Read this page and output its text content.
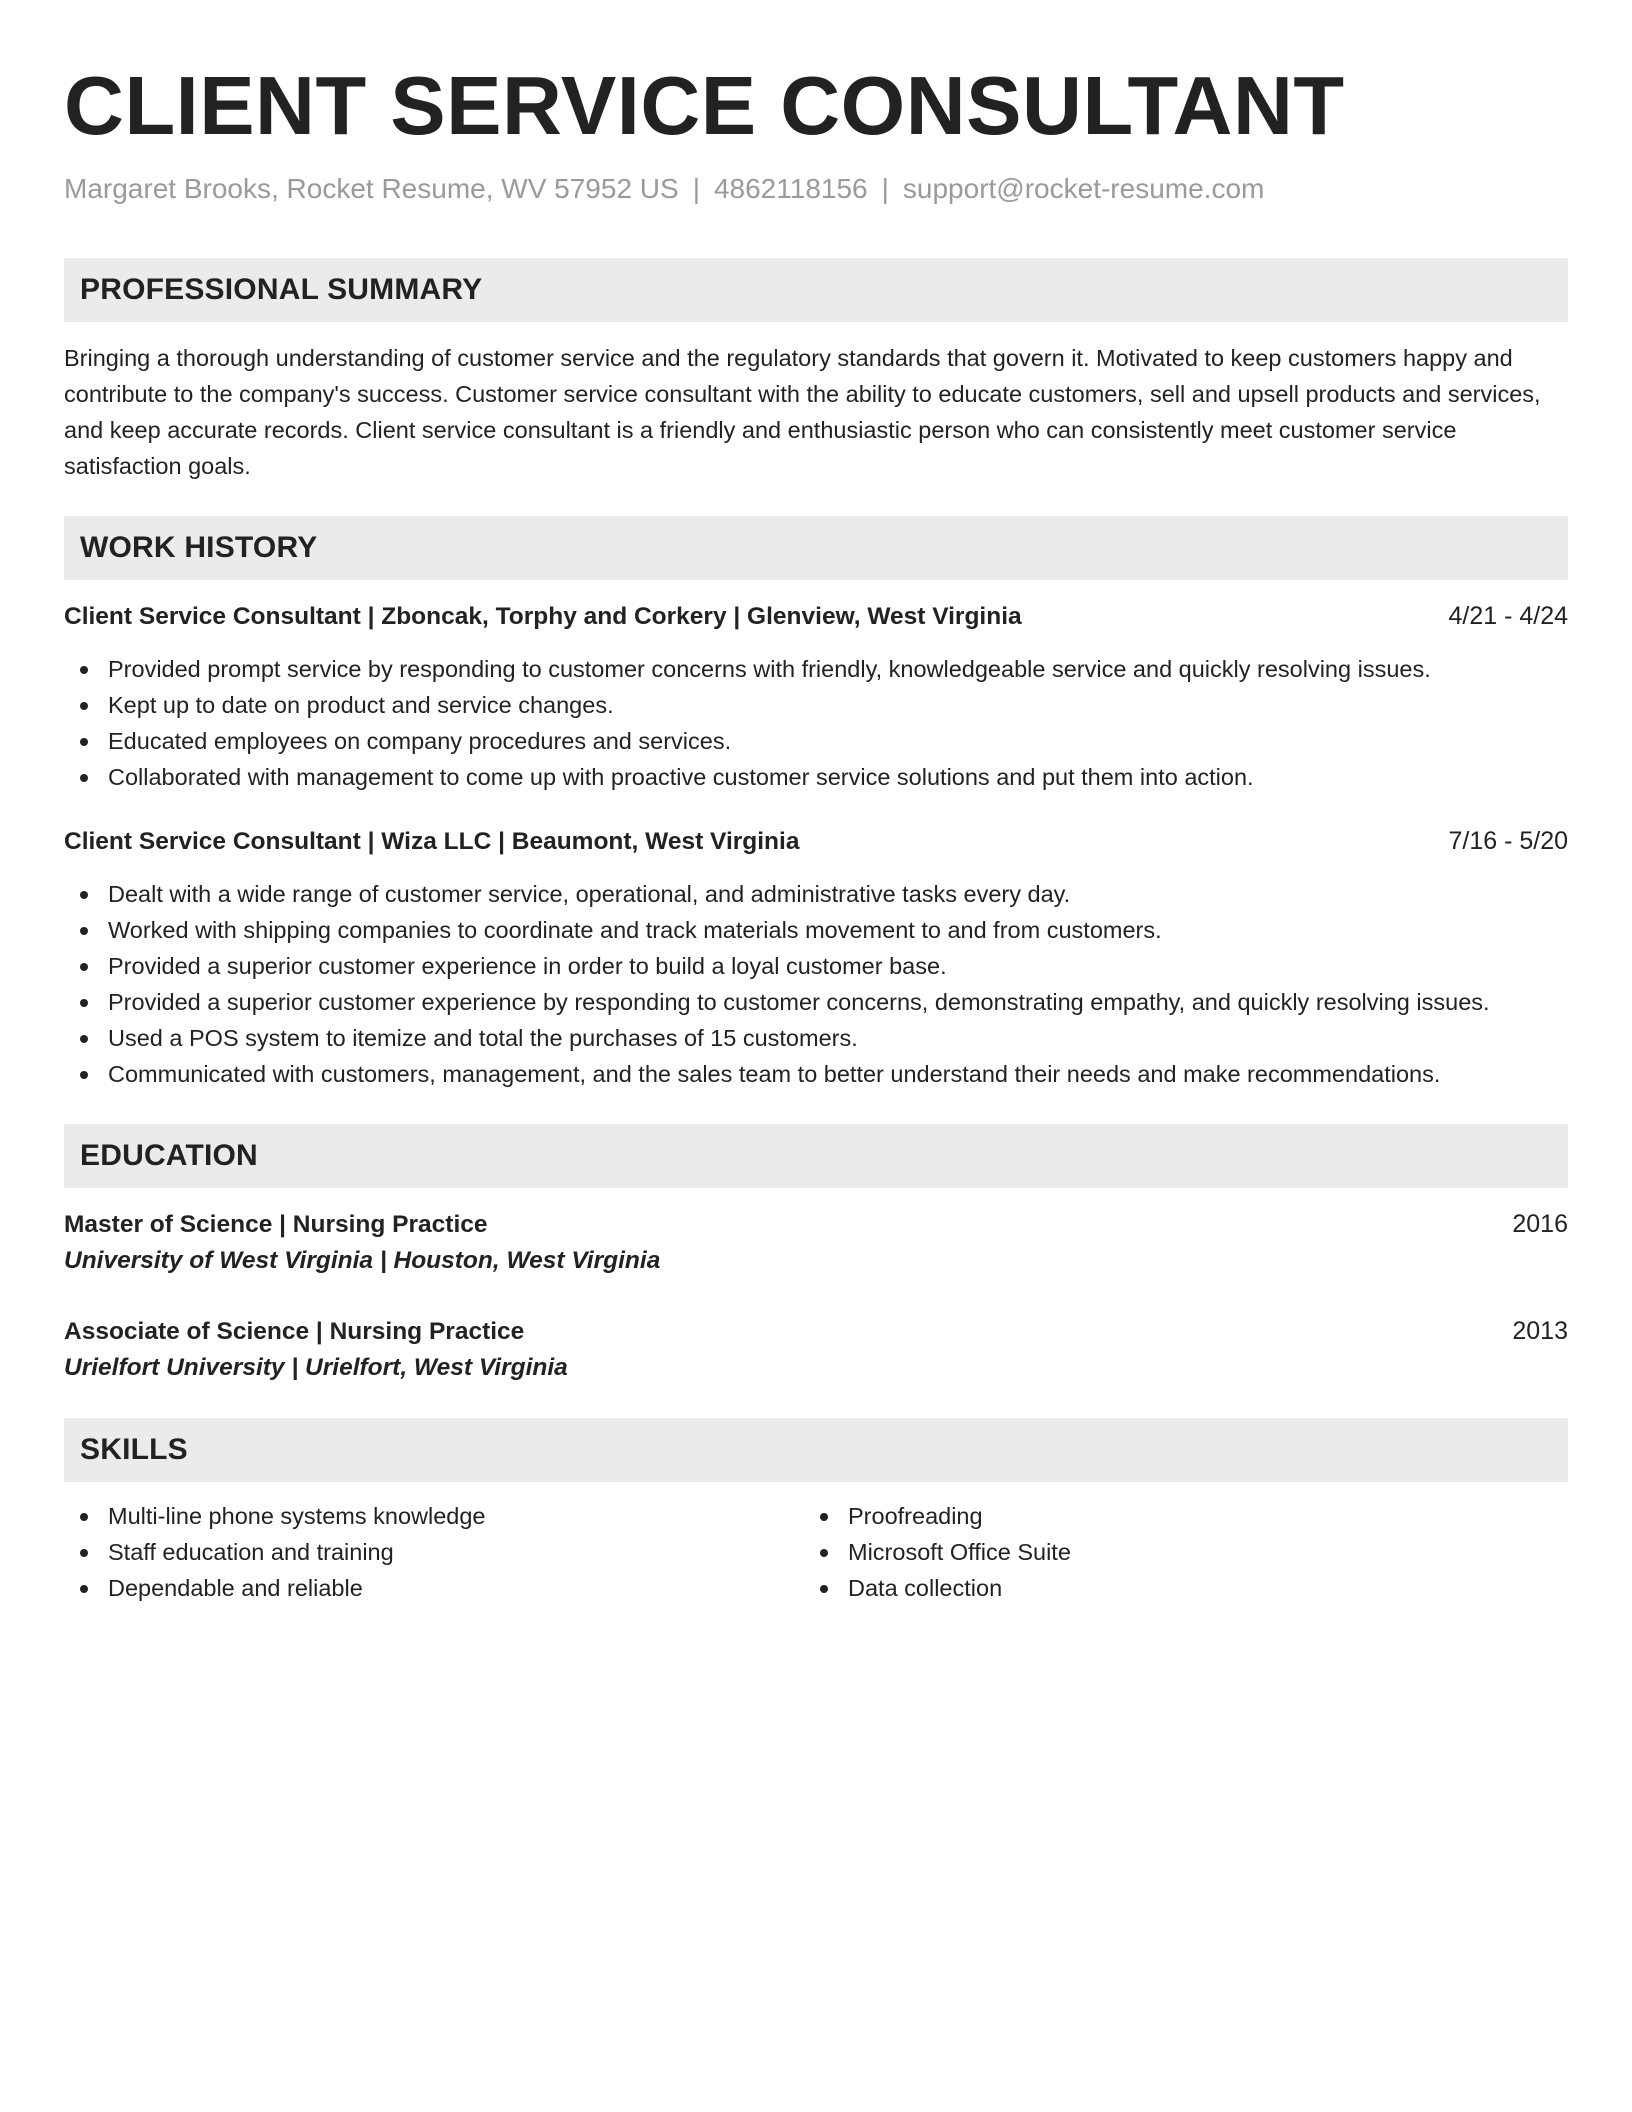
CLIENT SERVICE CONSULTANT
Margaret Brooks, Rocket Resume, WV 57952 US | 4862118156 | support@rocket-resume.com
PROFESSIONAL SUMMARY
Bringing a thorough understanding of customer service and the regulatory standards that govern it. Motivated to keep customers happy and contribute to the company's success. Customer service consultant with the ability to educate customers, sell and upsell products and services, and keep accurate records. Client service consultant is a friendly and enthusiastic person who can consistently meet customer service satisfaction goals.
WORK HISTORY
Client Service Consultant | Zboncak, Torphy and Corkery | Glenview, West Virginia	4/21 - 4/24
Provided prompt service by responding to customer concerns with friendly, knowledgeable service and quickly resolving issues.
Kept up to date on product and service changes.
Educated employees on company procedures and services.
Collaborated with management to come up with proactive customer service solutions and put them into action.
Client Service Consultant | Wiza LLC | Beaumont, West Virginia	7/16 - 5/20
Dealt with a wide range of customer service, operational, and administrative tasks every day.
Worked with shipping companies to coordinate and track materials movement to and from customers.
Provided a superior customer experience in order to build a loyal customer base.
Provided a superior customer experience by responding to customer concerns, demonstrating empathy, and quickly resolving issues.
Used a POS system to itemize and total the purchases of 15 customers.
Communicated with customers, management, and the sales team to better understand their needs and make recommendations.
EDUCATION
Master of Science | Nursing Practice	2016
University of West Virginia | Houston, West Virginia
Associate of Science | Nursing Practice	2013
Urielfort University | Urielfort, West Virginia
SKILLS
Multi-line phone systems knowledge
Staff education and training
Dependable and reliable
Proofreading
Microsoft Office Suite
Data collection
